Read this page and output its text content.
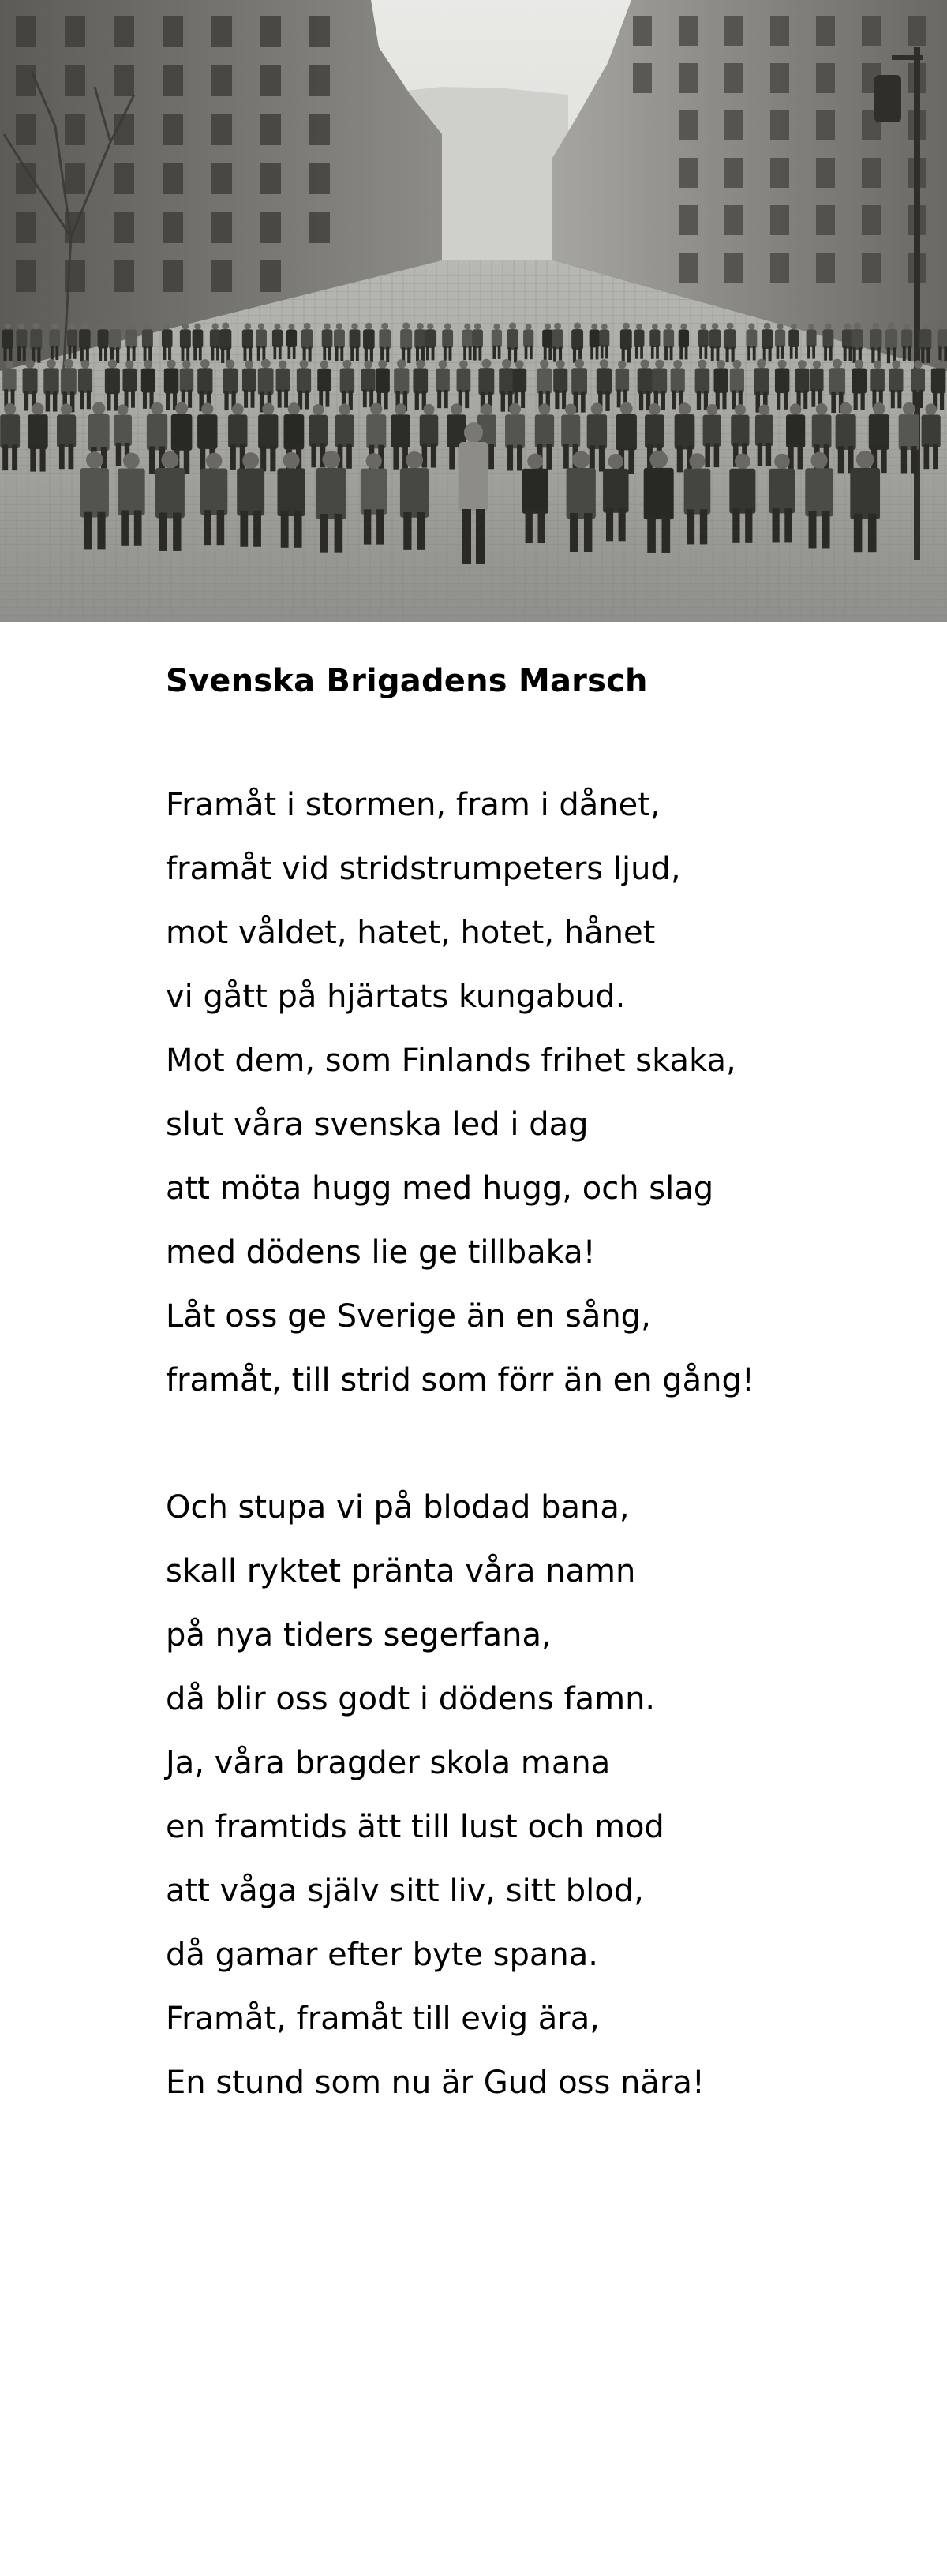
Svenska Brigadens Marsch

Framåt i stormen, fram i dånet,
framåt vid stridstrumpeters ljud,
mot våldet, hatet, hotet, hånet
vi gått på hjärtats kungabud.
Mot dem, som Finlands frihet skaka,
slut våra svenska led i dag
att möta hugg med hugg, och slag
med dödens lie ge tillbaka!
Låt oss ge Sverige än en sång,
framåt, till strid som förr än en gång!

Och stupa vi på blodad bana,
skall ryktet pränta våra namn
på nya tiders segerfana,
då blir oss godt i dödens famn.
Ja, våra bragder skola mana
en framtids ätt till lust och mod
att våga själv sitt liv, sitt blod,
då gamar efter byte spana.
Framåt, framåt till evig ära,
En stund som nu är Gud oss nära!
